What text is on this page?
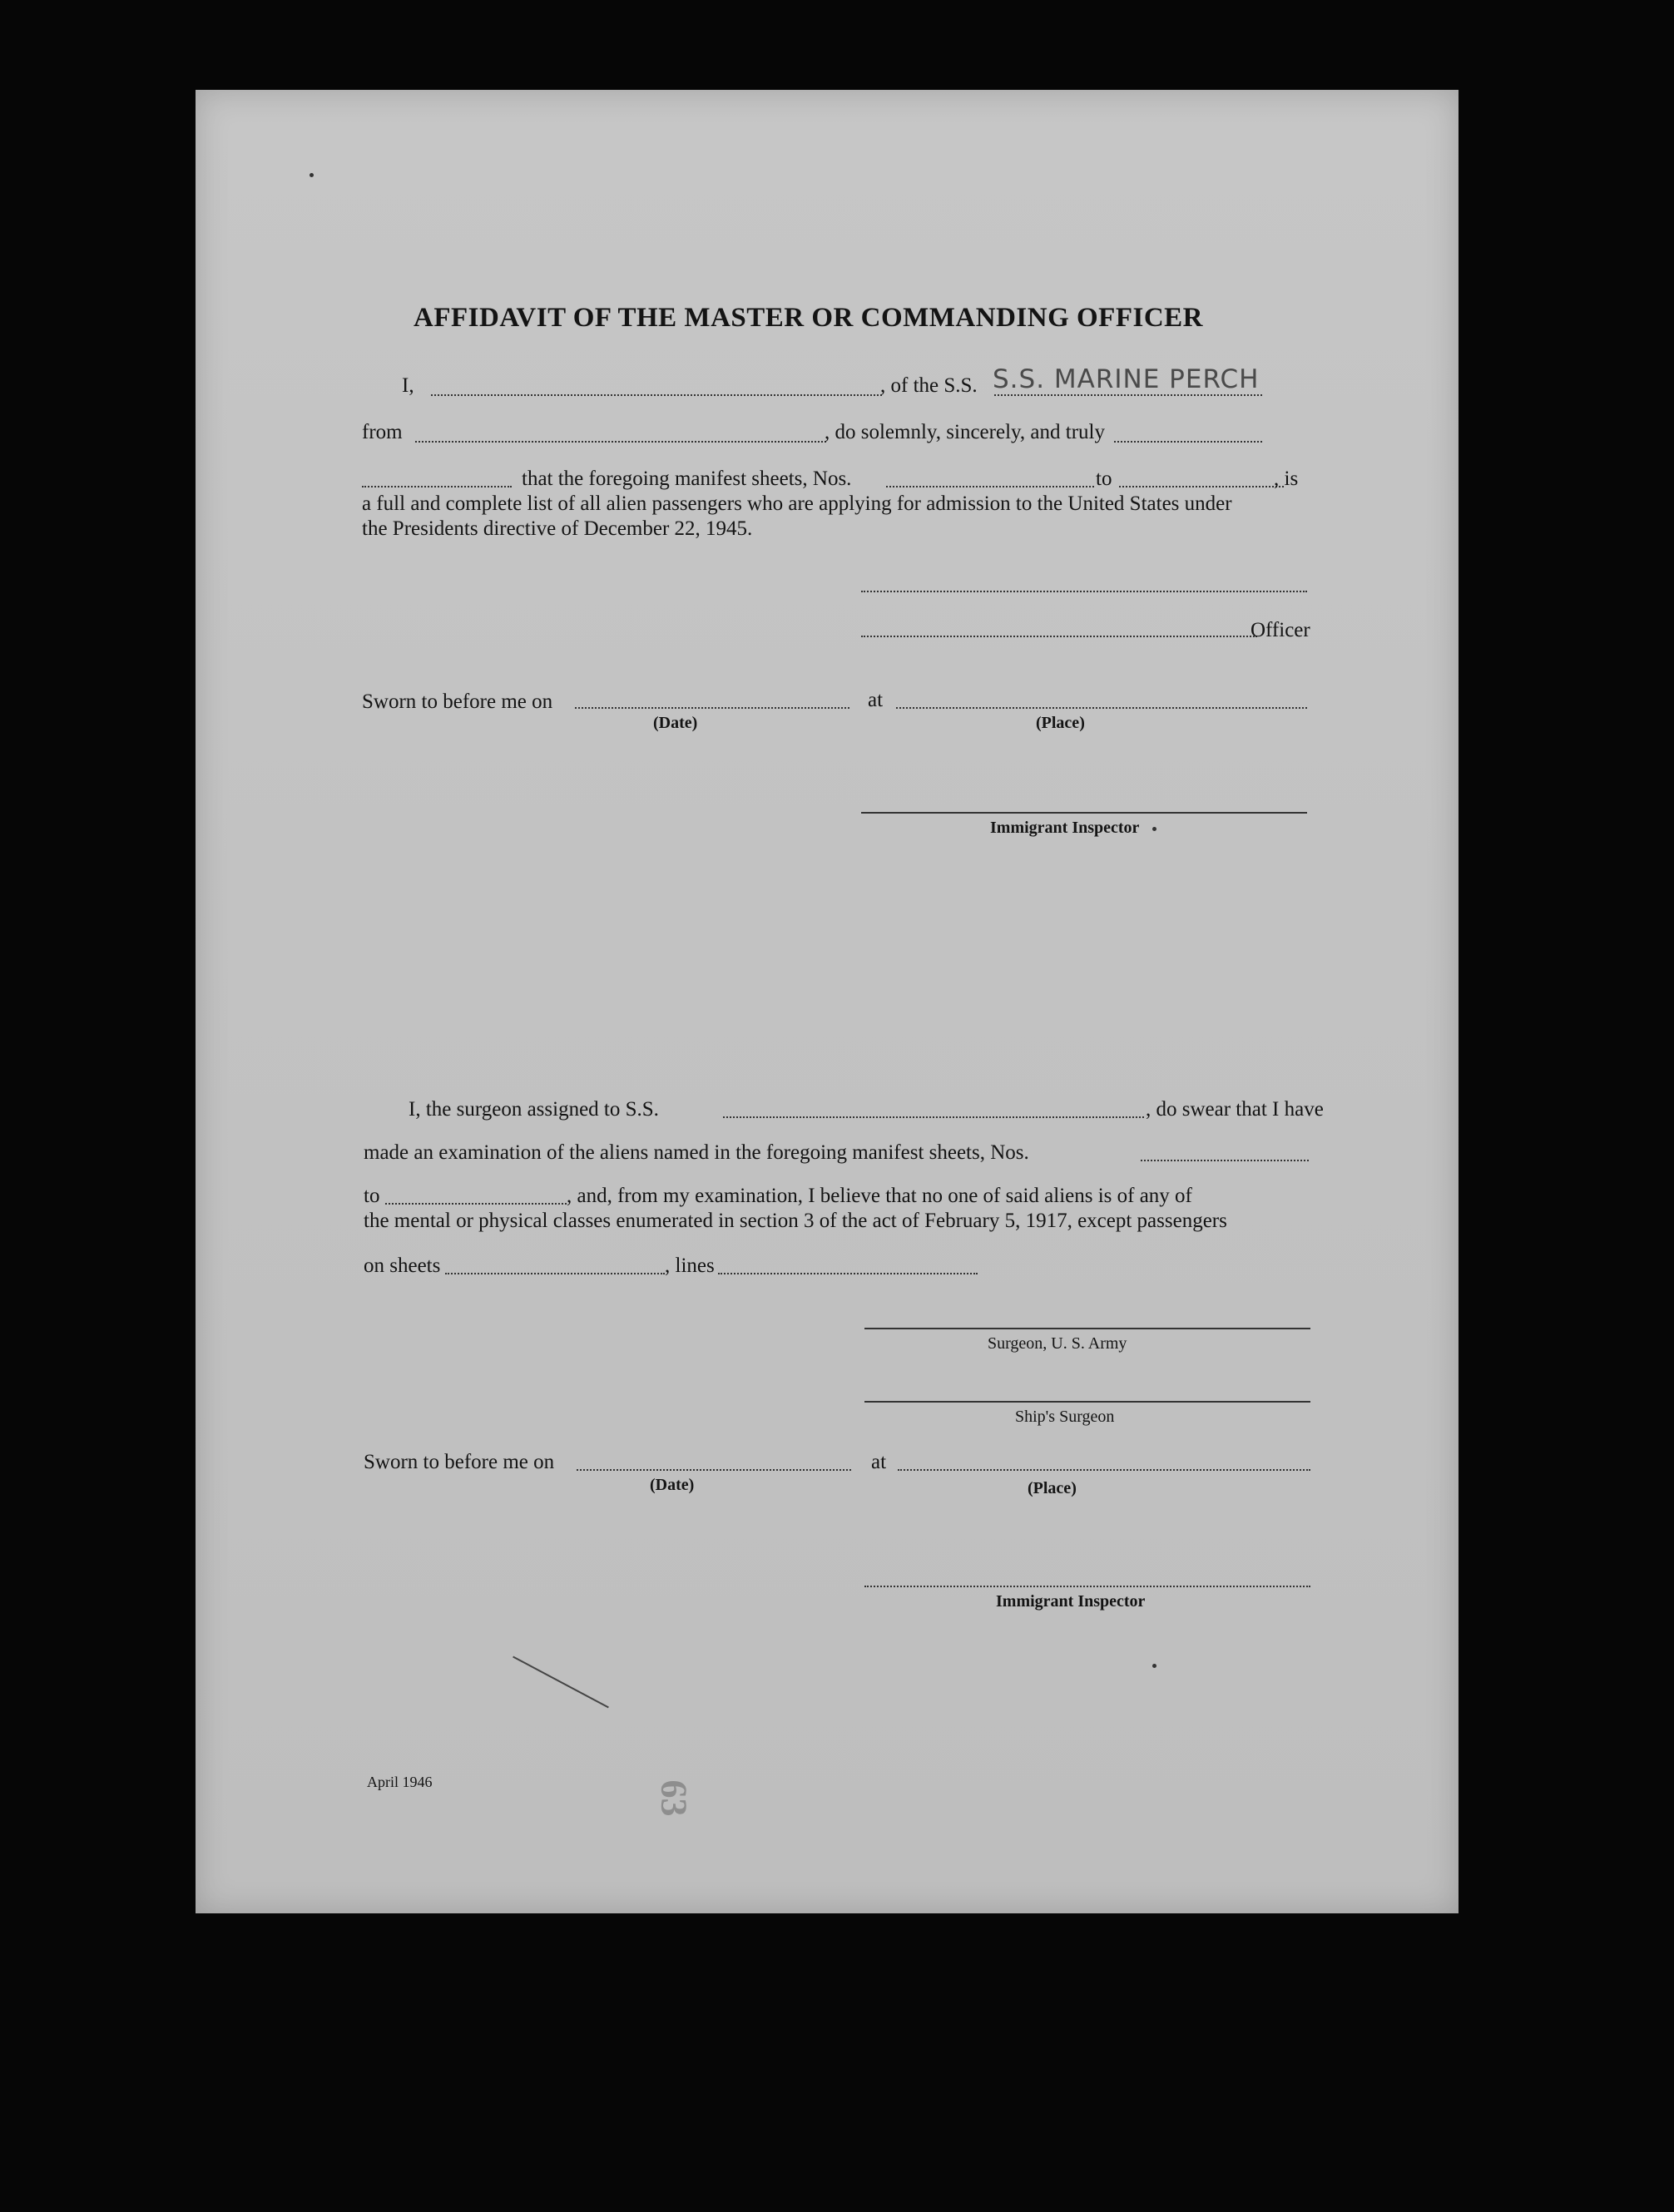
63
AFFIDAVIT OF THE MASTER OR COMMANDING OFFICER
I,	, of the S.S. S.S. MARINE PERCH
from	, do solemnly, sincerely, and truly
that the foregoing manifest sheets, Nos.	to	, is
a full and complete list of all alien passengers who are applying for admission to the United States under
the Presidents directive of December 22, 1945.
Officer
Sworn to before me on	at
(Date)	(Place)
Immigrant Inspector
I, the surgeon assigned to S.S.	, do swear that I have
made an examination of the aliens named in the foregoing manifest sheets, Nos.
to	, and, from my examination, I believe that no one of said aliens is of any of
the mental or physical classes enumerated in section 3 of the act of February 5, 1917, except passengers
on sheets	, lines
Surgeon, U. S. Army
Ship's Surgeon
Sworn to before me on	at
(Date)	(Place)
Immigrant Inspector
April 1946
